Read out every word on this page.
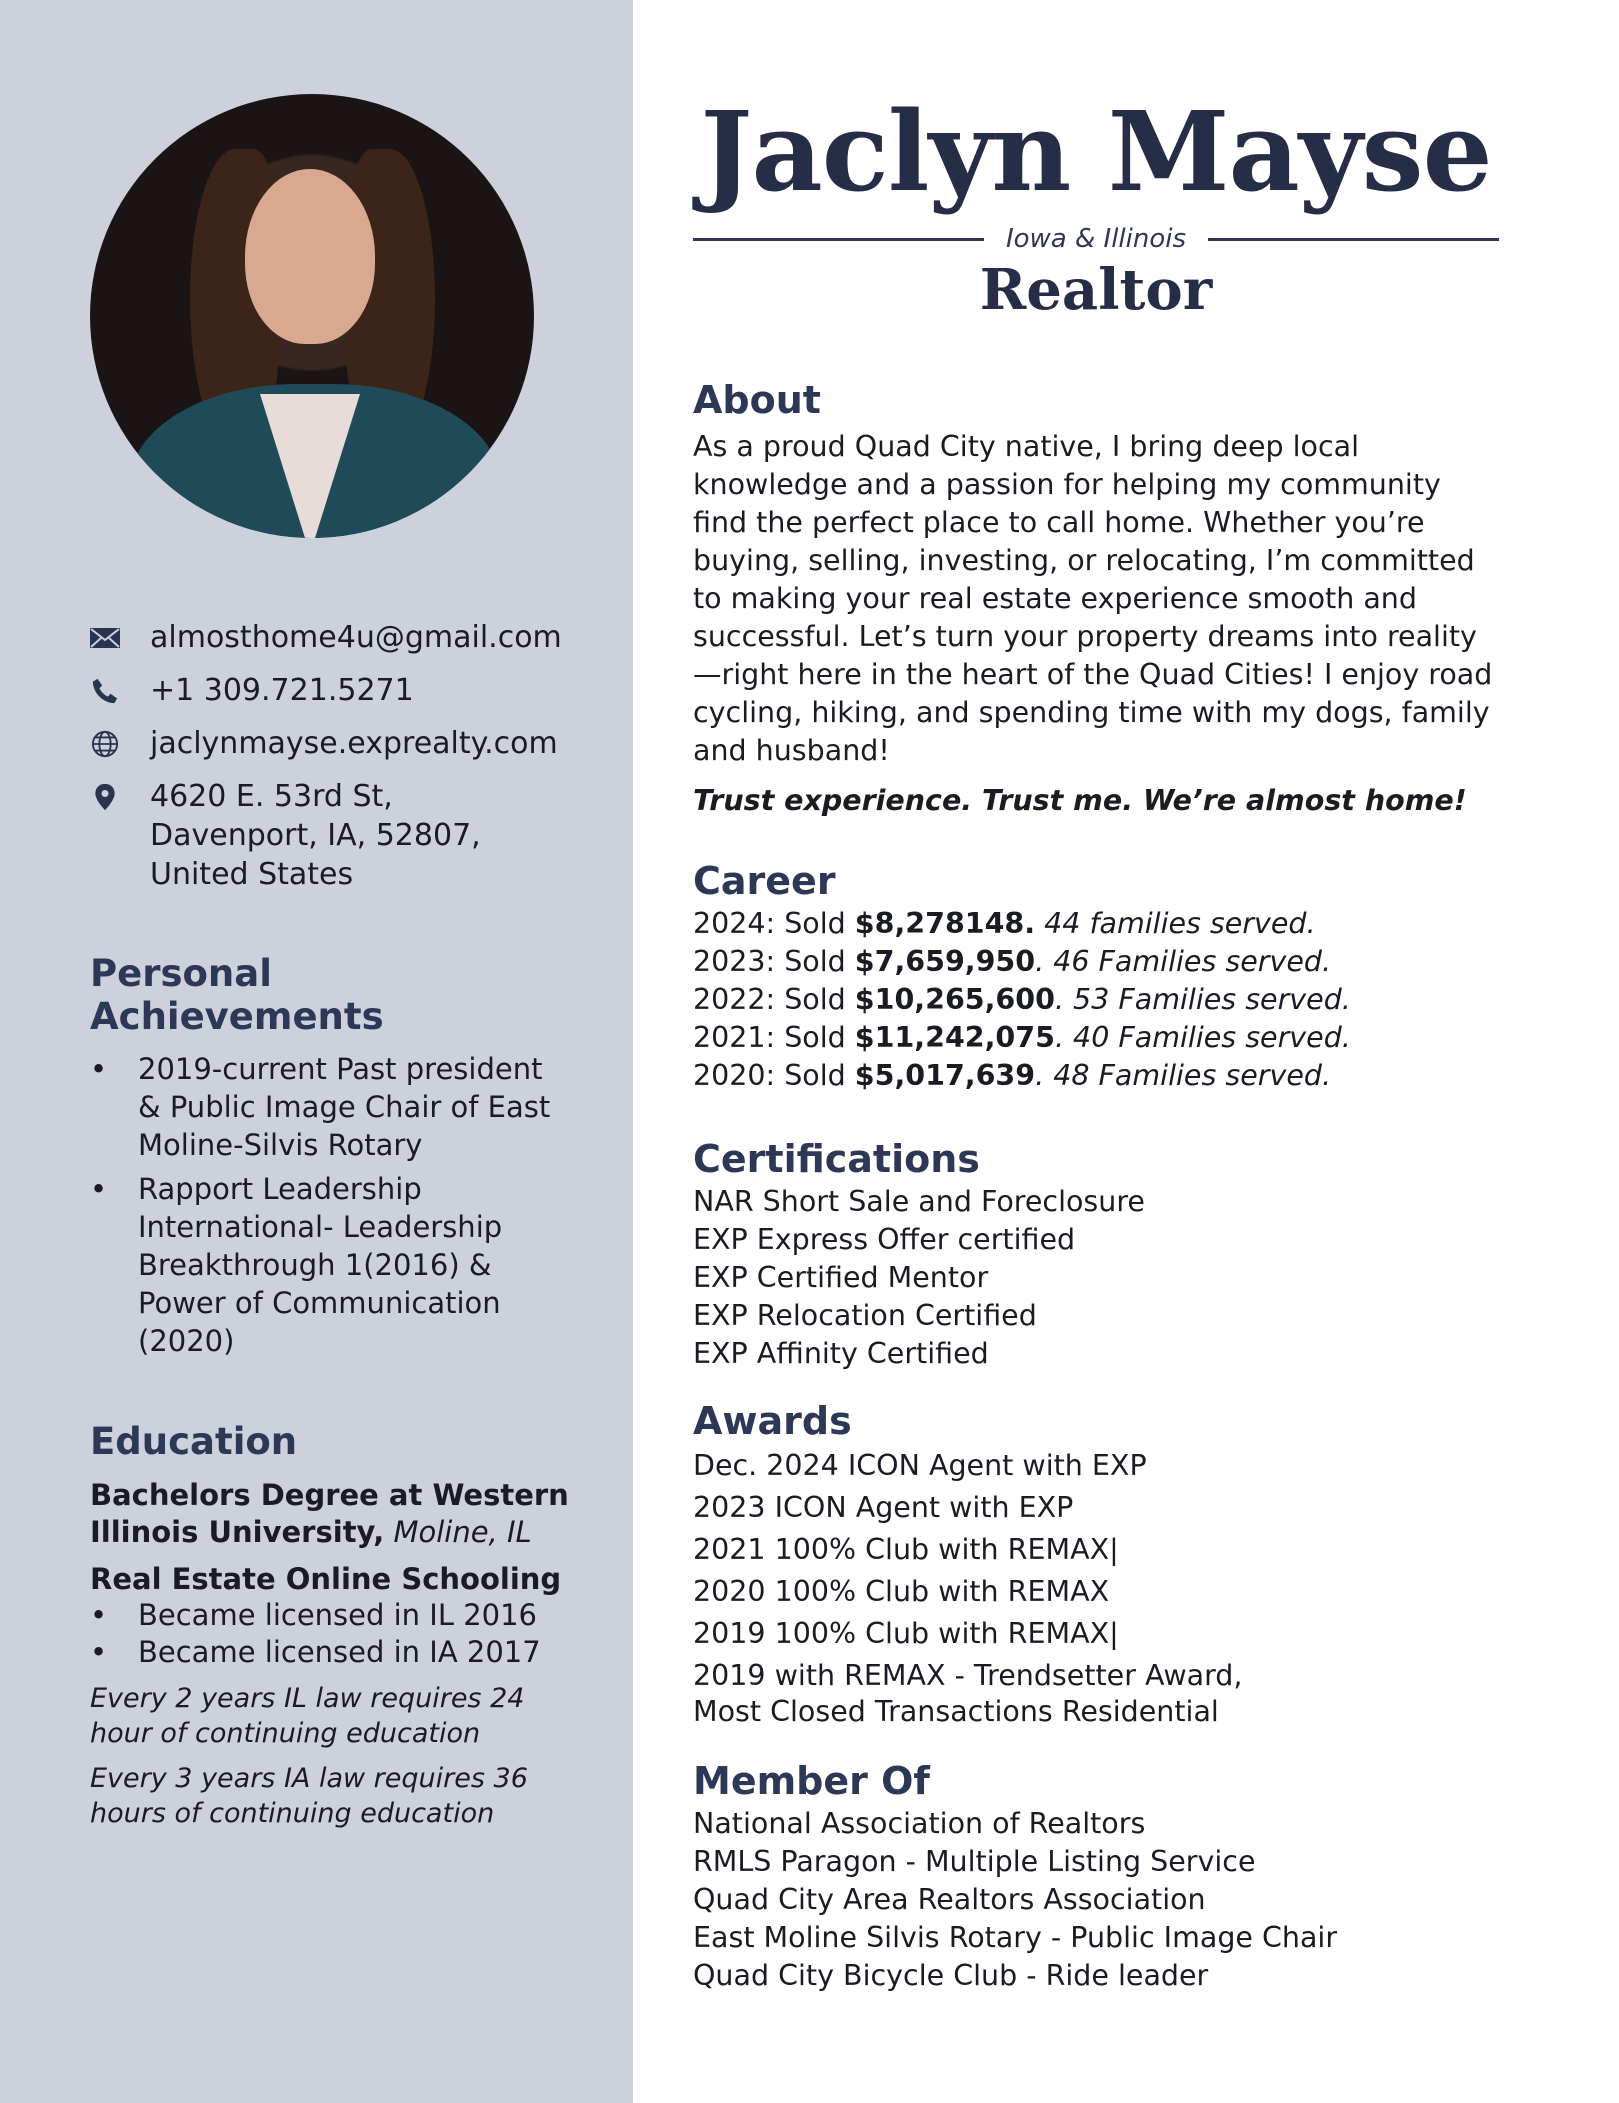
almosthome4u@gmail.com
+1 309.721.5271
jaclynmayse.exprealty.com
4620 E. 53rd St, Davenport, IA, 52807, United States
Personal Achievements
• 2019-current Past president & Public Image Chair of East Moline-Silvis Rotary
• Rapport Leadership International- Leadership Breakthrough 1(2016) & Power of Communication (2020)
Education
Bachelors Degree at Western Illinois University, Moline, IL
Real Estate Online Schooling
• Became licensed in IL 2016
• Became licensed in IA 2017
Every 2 years IL law requires 24 hour of continuing education
Every 3 years IA law requires 36 hours of continuing education
Jaclyn Mayse
Iowa & Illinois
Realtor
About
As a proud Quad City native, I bring deep local knowledge and a passion for helping my community find the perfect place to call home. Whether you’re buying, selling, investing, or relocating, I’m committed to making your real estate experience smooth and successful. Let’s turn your property dreams into reality—right here in the heart of the Quad Cities! I enjoy road cycling, hiking, and spending time with my dogs, family and husband!
Trust experience. Trust me. We’re almost home!
Career
2024: Sold $8,278148. 44 families served.
2023: Sold $7,659,950. 46 Families served.
2022: Sold $10,265,600. 53 Families served.
2021: Sold $11,242,075. 40 Families served.
2020: Sold $5,017,639. 48 Families served.
Certifications
NAR Short Sale and Foreclosure
EXP Express Offer certified
EXP Certified Mentor
EXP Relocation Certified
EXP Affinity Certified
Awards
Dec. 2024 ICON Agent with EXP
2023 ICON Agent with EXP
2021 100% Club with REMAX|
2020 100% Club with REMAX
2019 100% Club with REMAX|
2019 with REMAX - Trendsetter Award,
Most Closed Transactions Residential
Member Of
National Association of Realtors
RMLS Paragon - Multiple Listing Service
Quad City Area Realtors Association
East Moline Silvis Rotary - Public Image Chair
Quad City Bicycle Club - Ride leader
